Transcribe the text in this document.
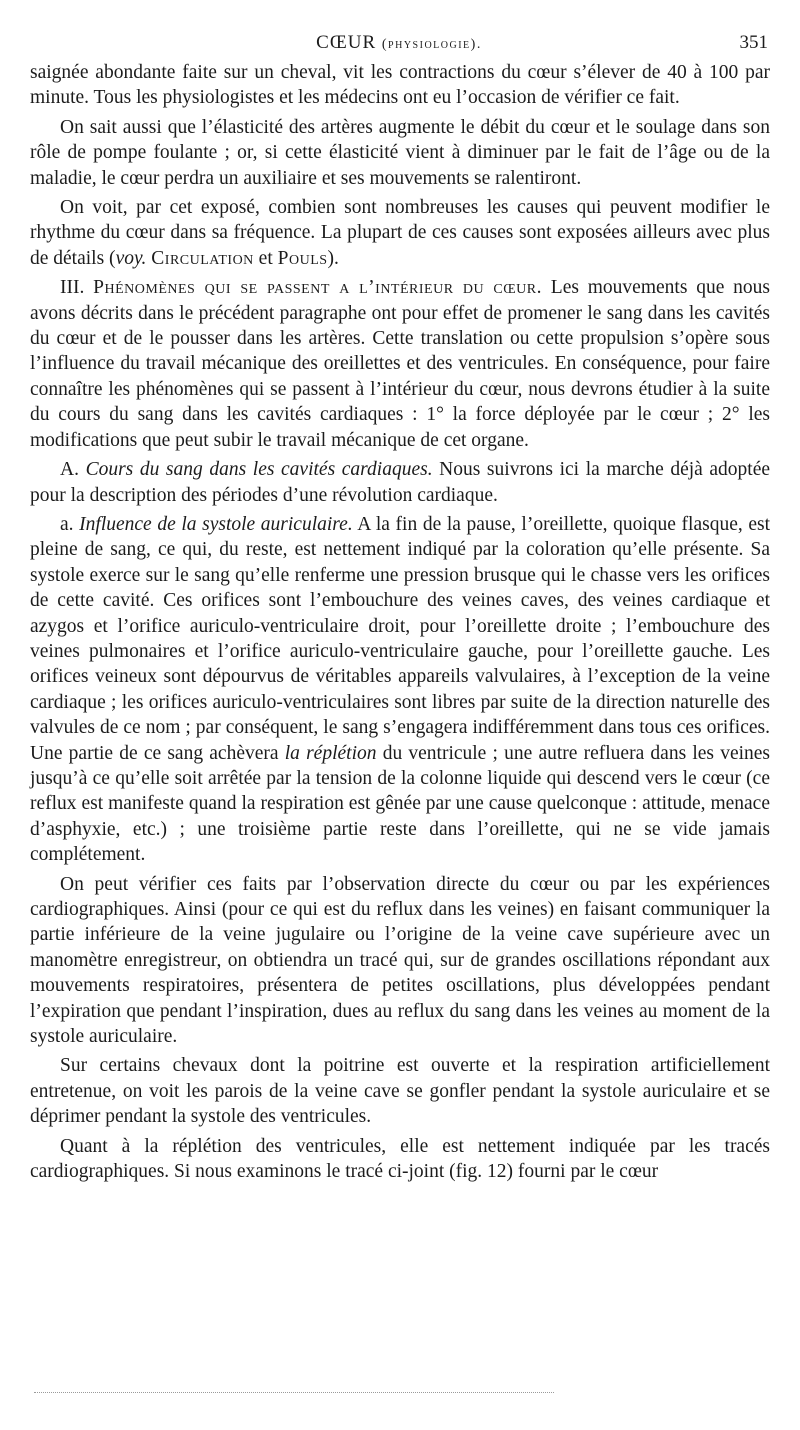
CŒUR (physiologie).	351

saignée abondante faite sur un cheval, vit les contractions du cœur s’élever de 40 à 100 par minute. Tous les physiologistes et les médecins ont eu l’occasion de vérifier ce fait.

On sait aussi que l’élasticité des artères augmente le débit du cœur et le soulage dans son rôle de pompe foulante ; or, si cette élasticité vient à diminuer par le fait de l’âge ou de la maladie, le cœur perdra un auxiliaire et ses mouvements se ralentiront.

On voit, par cet exposé, combien sont nombreuses les causes qui peuvent modifier le rhythme du cœur dans sa fréquence. La plupart de ces causes sont exposées ailleurs avec plus de détails (voy. Circulation et Pouls).

III. Phénomènes qui se passent a l’intérieur du cœur. Les mouvements que nous avons décrits dans le précédent paragraphe ont pour effet de promener le sang dans les cavités du cœur et de le pousser dans les artères. Cette translation ou cette propulsion s’opère sous l’influence du travail mécanique des oreillettes et des ventricules. En conséquence, pour faire connaître les phénomènes qui se passent à l’intérieur du cœur, nous devrons étudier à la suite du cours du sang dans les cavités cardiaques : 1° la force déployée par le cœur ; 2° les modifications que peut subir le travail mécanique de cet organe.

A. Cours du sang dans les cavités cardiaques. Nous suivrons ici la marche déjà adoptée pour la description des périodes d’une révolution cardiaque.

a. Influence de la systole auriculaire. A la fin de la pause, l’oreillette, quoique flasque, est pleine de sang, ce qui, du reste, est nettement indiqué par la coloration qu’elle présente. Sa systole exerce sur le sang qu’elle renferme une pression brusque qui le chasse vers les orifices de cette cavité. Ces orifices sont l’embouchure des veines caves, des veines cardiaque et azygos et l’orifice auriculo-ventriculaire droit, pour l’oreillette droite ; l’embouchure des veines pulmonaires et l’orifice auriculo-ventriculaire gauche, pour l’oreillette gauche. Les orifices veineux sont dépourvus de véritables appareils valvulaires, à l’exception de la veine cardiaque ; les orifices auriculo-ventriculaires sont libres par suite de la direction naturelle des valvules de ce nom ; par conséquent, le sang s’engagera indifféremment dans tous ces orifices. Une partie de ce sang achèvera la réplétion du ventricule ; une autre refluera dans les veines jusqu’à ce qu’elle soit arrêtée par la tension de la colonne liquide qui descend vers le cœur (ce reflux est manifeste quand la respiration est gênée par une cause quelconque : attitude, menace d’asphyxie, etc.) ; une troisième partie reste dans l’oreillette, qui ne se vide jamais complétement.

On peut vérifier ces faits par l’observation directe du cœur ou par les expériences cardiographiques. Ainsi (pour ce qui est du reflux dans les veines) en faisant communiquer la partie inférieure de la veine jugulaire ou l’origine de la veine cave supérieure avec un manomètre enregistreur, on obtiendra un tracé qui, sur de grandes oscillations répondant aux mouvements respiratoires, présentera de petites oscillations, plus développées pendant l’expiration que pendant l’inspiration, dues au reflux du sang dans les veines au moment de la systole auriculaire.

Sur certains chevaux dont la poitrine est ouverte et la respiration artificiellement entretenue, on voit les parois de la veine cave se gonfler pendant la systole auriculaire et se déprimer pendant la systole des ventricules.

Quant à la réplétion des ventricules, elle est nettement indiquée par les tracés cardiographiques. Si nous examinons le tracé ci-joint (fig. 12) fourni par le cœur
